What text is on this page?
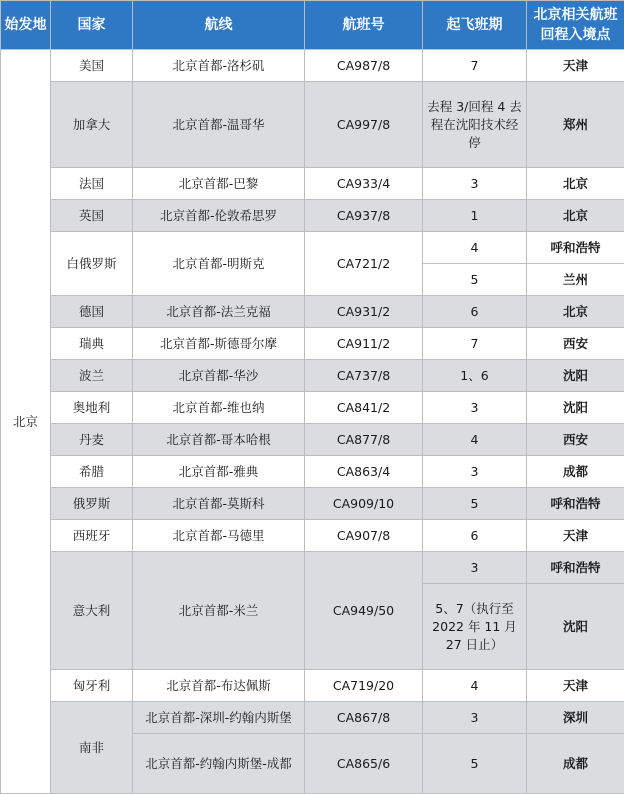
始发地	国家	航线	航班号	起飞班期	北京相关航班回程入境点
北京	美国	北京首都-洛杉矶	CA987/8	7	天津
	加拿大	北京首都-温哥华	CA997/8	去程 3/回程 4 去程在沈阳技术经停	郑州
	法国	北京首都-巴黎	CA933/4	3	北京
	英国	北京首都-伦敦希思罗	CA937/8	1	北京
	白俄罗斯	北京首都-明斯克	CA721/2	4	呼和浩特
				5	兰州
	德国	北京首都-法兰克福	CA931/2	6	北京
	瑞典	北京首都-斯德哥尔摩	CA911/2	7	西安
	波兰	北京首都-华沙	CA737/8	1、6	沈阳
	奥地利	北京首都-维也纳	CA841/2	3	沈阳
	丹麦	北京首都-哥本哈根	CA877/8	4	西安
	希腊	北京首都-雅典	CA863/4	3	成都
	俄罗斯	北京首都-莫斯科	CA909/10	5	呼和浩特
	西班牙	北京首都-马德里	CA907/8	6	天津
	意大利	北京首都-米兰	CA949/50	3	呼和浩特
				5、7（执行至 2022 年 11 月 27 日止）	沈阳
	匈牙利	北京首都-布达佩斯	CA719/20	4	天津
	南非	北京首都-深圳-约翰内斯堡	CA867/8	3	深圳
		北京首都-约翰内斯堡-成都	CA865/6	5	成都
